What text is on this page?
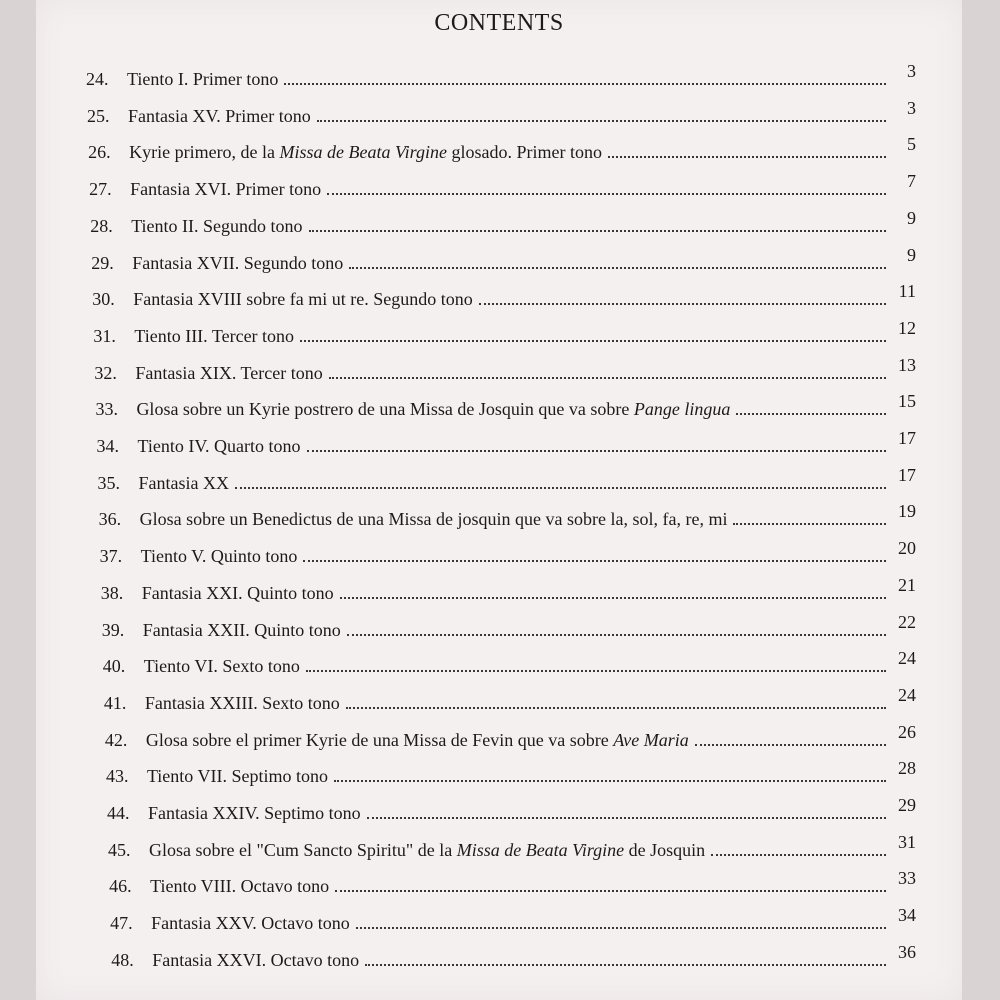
CONTENTS
24.	Tiento I. Primer tono	3
25.	Fantasia XV. Primer tono	3
26.	Kyrie primero, de la Missa de Beata Virgine glosado. Primer tono	5
27.	Fantasia XVI. Primer tono	7
28.	Tiento II. Segundo tono	9
29.	Fantasia XVII. Segundo tono	9
30.	Fantasia XVIII sobre fa mi ut re. Segundo tono	11
31.	Tiento III. Tercer tono	12
32.	Fantasia XIX. Tercer tono	13
33.	Glosa sobre un Kyrie postrero de una Missa de Josquin que va sobre Pange lingua	15
34.	Tiento IV. Quarto tono	17
35.	Fantasia XX	17
36.	Glosa sobre un Benedictus de una Missa de josquin que va sobre la, sol, fa, re, mi	19
37.	Tiento V. Quinto tono	20
38.	Fantasia XXI. Quinto tono	21
39.	Fantasia XXII. Quinto tono	22
40.	Tiento VI. Sexto tono	24
41.	Fantasia XXIII. Sexto tono	24
42.	Glosa sobre el primer Kyrie de una Missa de Fevin que va sobre Ave Maria	26
43.	Tiento VII. Septimo tono	28
44.	Fantasia XXIV. Septimo tono	29
45.	Glosa sobre el "Cum Sancto Spiritu" de la Missa de Beata Virgine de Josquin	31
46.	Tiento VIII. Octavo tono	33
47.	Fantasia XXV. Octavo tono	34
48.	Fantasia XXVI. Octavo tono	36
